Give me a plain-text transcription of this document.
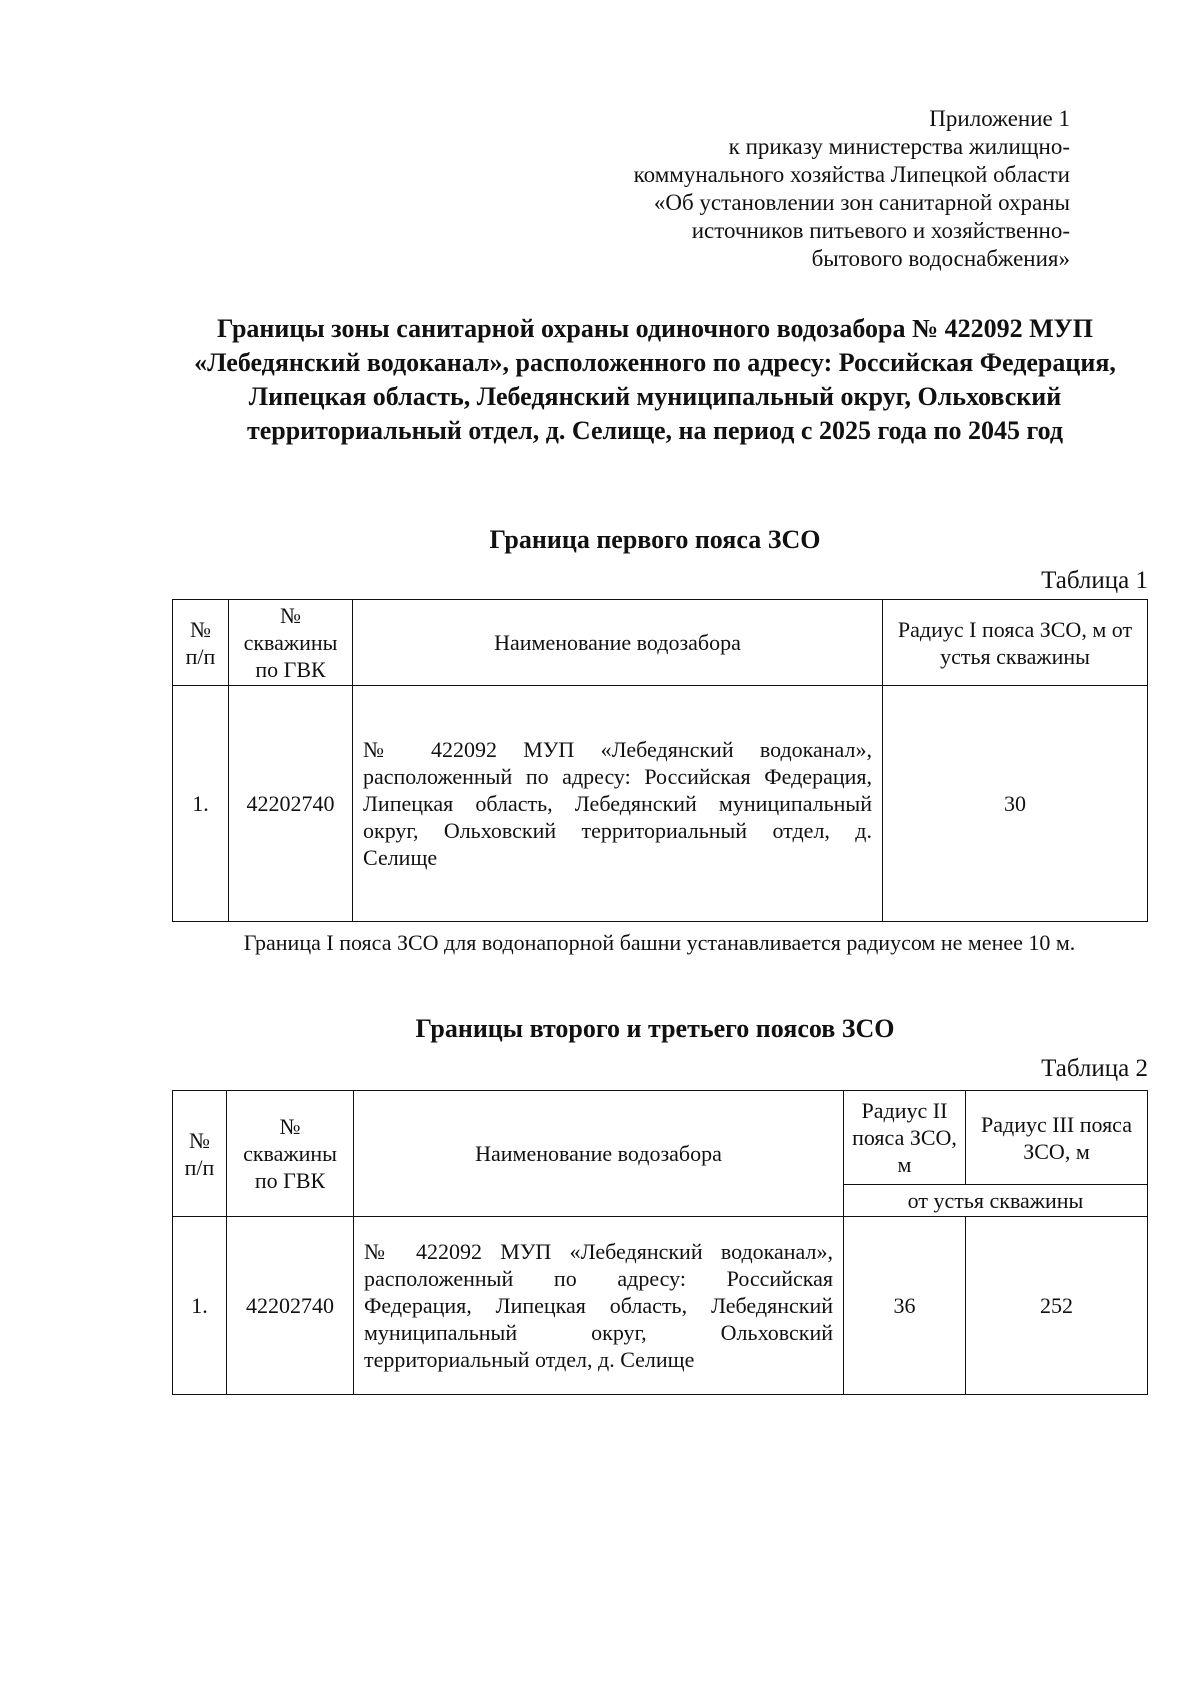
Приложение 1
к приказу министерства жилищно-
коммунального хозяйства Липецкой области
«Об установлении зон санитарной охраны
источников питьевого и хозяйственно-
бытового водоснабжения»
Границы зоны санитарной охраны одиночного водозабора № 422092 МУП «Лебедянский водоканал», расположенного по адресу: Российская Федерация, Липецкая область, Лебедянский муниципальный округ, Ольховский территориальный отдел, д. Селище, на период с 2025 года по 2045 год
Граница первого пояса ЗСО
Таблица 1
№ п/п	№ скважины по ГВК	Наименование водозабора	Радиус I пояса ЗСО, м от устья скважины
1.	42202740	№ 422092 МУП «Лебедянский водоканал», расположенный по адресу: Российская Федерация, Липецкая область, Лебедянский муниципальный округ, Ольховский территориальный отдел, д. Селище	30
Граница I пояса ЗСО для водонапорной башни устанавливается радиусом не менее 10 м.
Границы второго и третьего поясов ЗСО
Таблица 2
№ п/п	№ скважины по ГВК	Наименование водозабора	Радиус II пояса ЗСО, м	Радиус III пояса ЗСО, м
			от устья скважины	
1.	42202740	№ 422092 МУП «Лебедянский водоканал», расположенный по адресу: Российская Федерация, Липецкая область, Лебедянский муниципальный округ, Ольховский территориальный отдел, д. Селище	36	252
